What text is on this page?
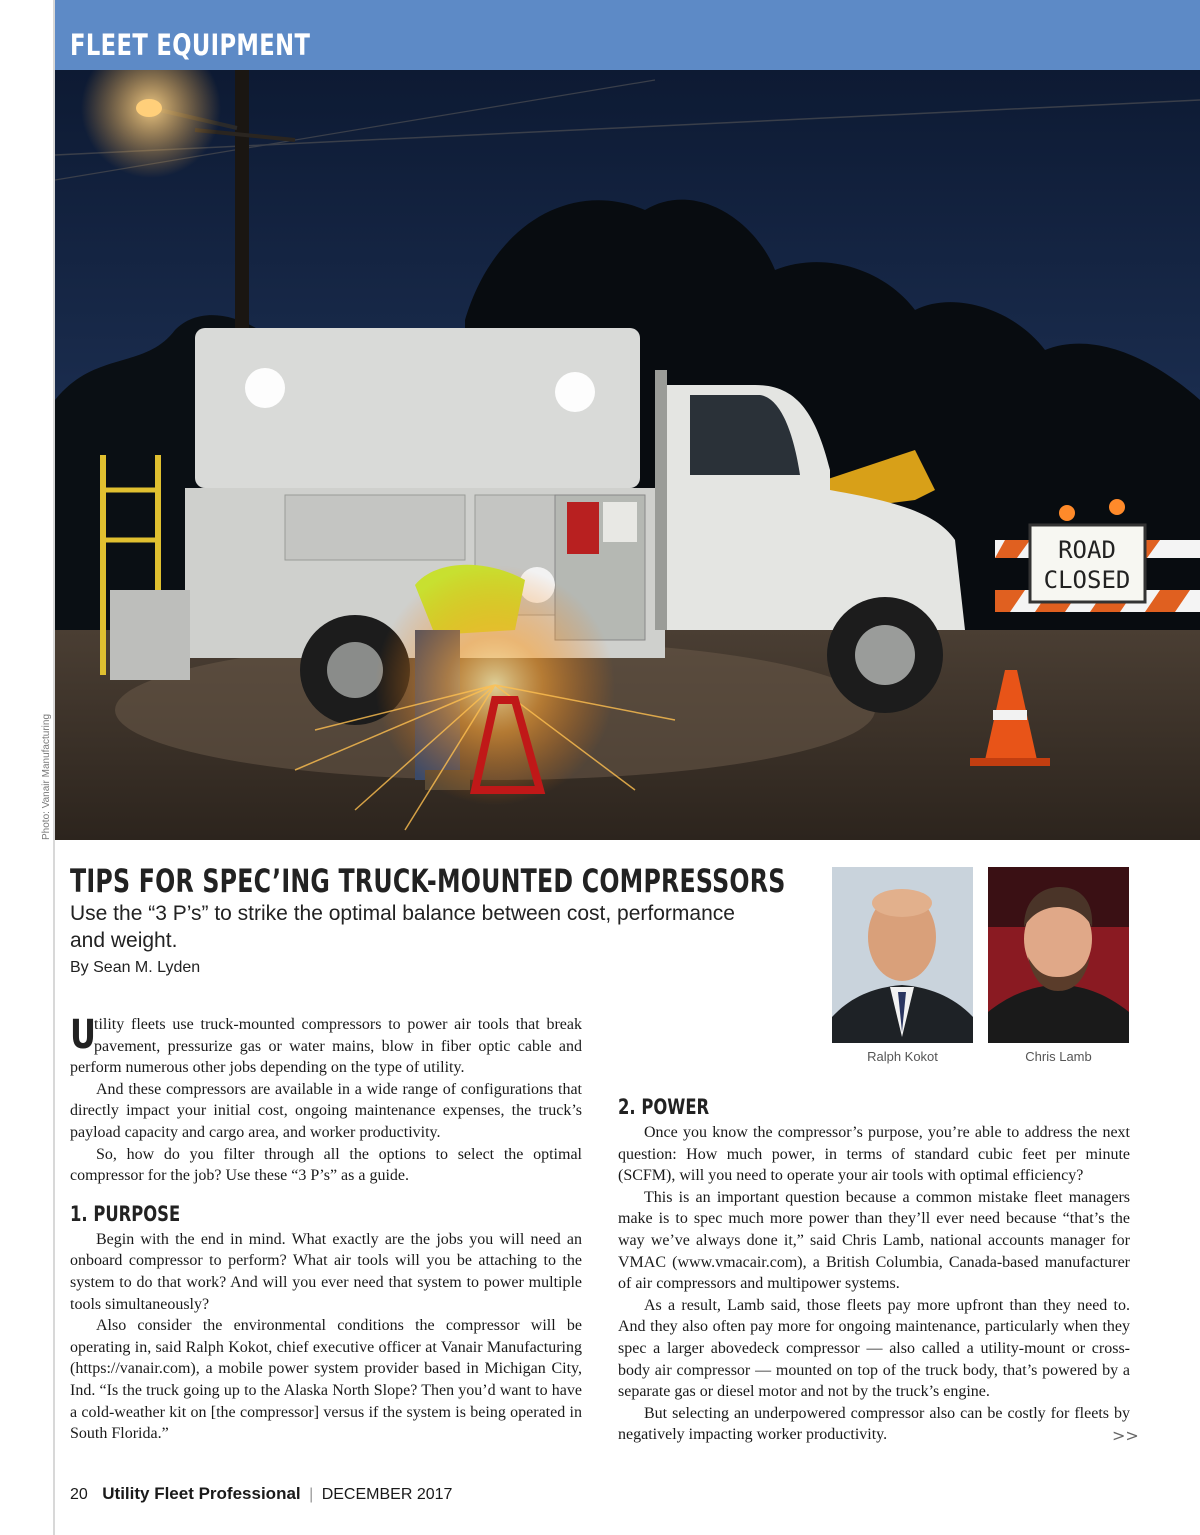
FLEET EQUIPMENT
ROAD
CLOSED
Photo: Vanair Manufacturing
TIPS FOR SPEC’ING TRUCK-MOUNTED COMPRESSORS
Use the “3 P’s” to strike the optimal balance between cost, performance and weight.
By Sean M. Lyden
Ralph Kokot	Chris Lamb

U
tility fleets use truck-mounted compressors to power air tools that break pavement, pressurize gas or water mains, blow in fiber optic cable and perform numerous other jobs depending on the type of utility.

And these compressors are available in a wide range of configurations that directly impact your initial cost, ongoing maintenance expenses, the truck’s payload capacity and cargo area, and worker productivity.

So, how do you filter through all the options to select the optimal compressor for the job? Use these “3 P’s” as a guide.

1. PURPOSE

Begin with the end in mind. What exactly are the jobs you will need an onboard compressor to perform? What air tools will you be attaching to the system to do that work? And will you ever need that system to power multiple tools simultaneously?

Also consider the environmental conditions the compressor will be operating in, said Ralph Kokot, chief executive officer at Vanair Manufacturing (https://vanair.com), a mobile power system provider based in Michigan City, Ind. “Is the truck going up to the Alaska North Slope? Then you’d want to have a cold-weather kit on [the compressor] versus if the system is being operated in South Florida.”

2. POWER

Once you know the compressor’s purpose, you’re able to address the next question: How much power, in terms of standard cubic feet per minute (SCFM), will you need to operate your air tools with optimal efficiency?

This is an important question because a common mistake fleet managers make is to spec much more power than they’ll ever need because “that’s the way we’ve always done it,” said Chris Lamb, national accounts manager for VMAC (www.vmacair.com), a British Columbia, Canada-based manufacturer of air compressors and multipower systems.

As a result, Lamb said, those fleets pay more upfront than they need to. And they also often pay more for ongoing maintenance, particularly when they spec a larger abovedeck compressor — also called a utility-mount or cross-body air compressor — mounted on top of the truck body, that’s powered by a separate gas or diesel motor and not by the truck’s engine.

But selecting an underpowered compressor also can be costly for fleets by negatively impacting worker productivity.	>>
20 Utility Fleet Professional | DECEMBER 2017
